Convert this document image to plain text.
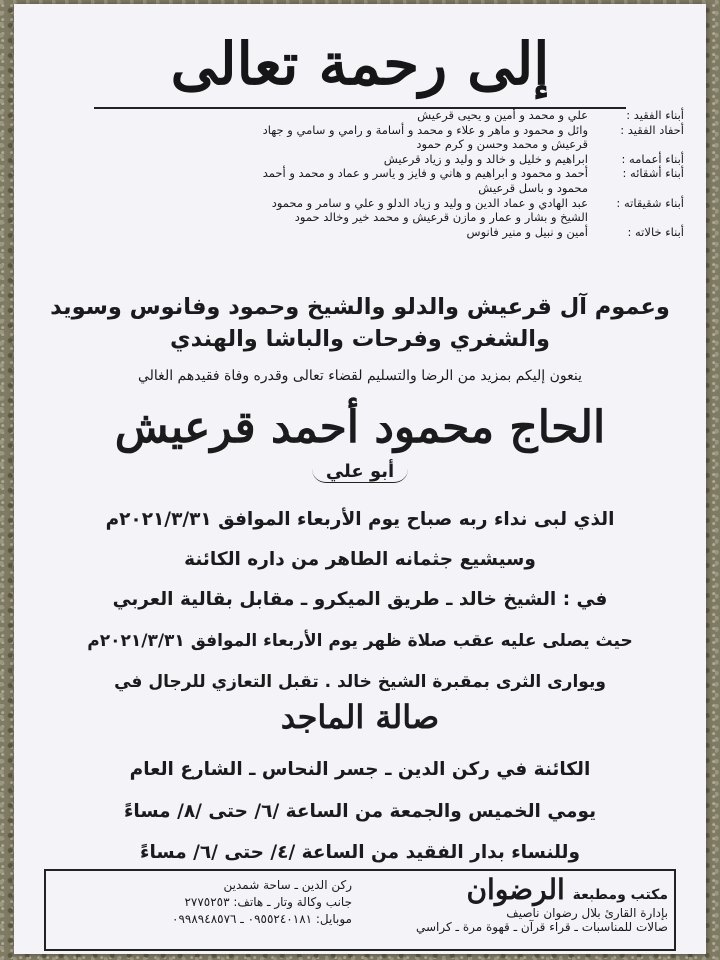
إلى رحمة تعالى
أبناء الفقيد :
علي و محمد و أمين و يحيى قرعيش
أحفاد الفقيد :
وائل و محمود و ماهر و علاء و محمد و أسامة و رامي و سامي و جهاد
قرعيش و محمد وحسن و كرم حمود
أبناء أعمامه :
ابراهيم و خليل و خالد و وليد و زياد قرعيش
أبناء أشقائه :
أحمد و محمود و ابراهيم و هاني و فايز و ياسر و عماد و محمد و أحمد
محمود و باسل قرعيش
أبناء شقيقاته :
عبد الهادي و عماد الدين و وليد و زياد الدلو و علي و سامر و محمود
الشيخ و بشار و عمار و مازن قرعيش و محمد خير وخالد حمود
أبناء خالاته :
أمين و نبيل و منير فانوس
وعموم آل قرعيش والدلو والشيخ وحمود وفانوس وسويد
والشغري وفرحات والباشا والهندي
ينعون إليكم بمزيد من الرضا والتسليم لقضاء تعالى وقدره وفاة فقيدهم الغالي
الحاج محمود أحمد قرعيش
أبو علي
الذي لبى نداء ربه صباح يوم الأربعاء الموافق ٢٠٢١/٣/٣١م
وسيشيع جثمانه الطاهر من داره الكائنة
في : الشيخ خالد ـ طريق الميكرو ـ مقابل بقالية العربي
حيث يصلى عليه عقب صلاة ظهر يوم الأربعاء الموافق ٢٠٢١/٣/٣١م
ويوارى الثرى بمقبرة الشيخ خالد . تقبل التعازي للرجال في
صالة الماجد
الكائنة في ركن الدين ـ جسر النحاس ـ الشارع العام
يومي الخميس والجمعة من الساعة /٦/ حتى /٨/ مساءً
وللنساء بدار الفقيد من الساعة /٤/ حتى /٦/ مساءً
مكتب ومطبعة الرضوان
بإدارة القارئ بلال رضوان ناصيف
صالات للمناسبات ـ قراء قرآن ـ قهوة مرة ـ كراسي
ركن الدين ـ ساحة شمدين
جانب وكالة وتار ـ هاتف: ٢٧٧٥٢٥٣
موبايل: ٠٩٥٥٢٤٠١٨١ ـ ٠٩٩٨٩٤٨٥٧٦
